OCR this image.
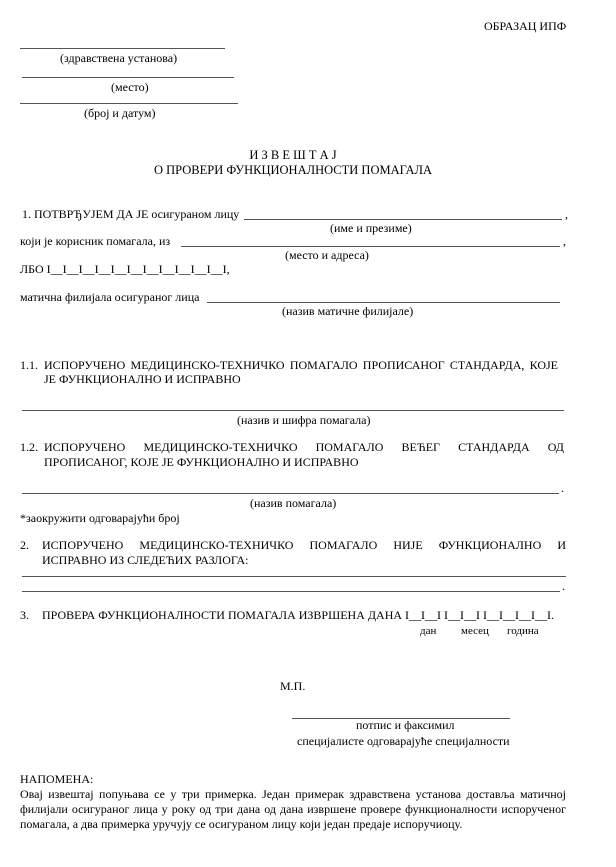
ОБРАЗАЦ ИПФ
(здравствена установа)
(место)
(број и датум)
И З В Е Ш Т А Ј
О ПРОВЕРИ ФУНКЦИОНАЛНОСТИ ПОМАГАЛА
1. ПОТВРЂУЈЕМ ДА ЈЕ осигураном лицу	,
(име и презиме)
који је корисник помагала, из	,
(место и адреса)
ЛБО I__I__I__I__I__I__I__I__I__I__I__I,
матична филијала осигураног лица
(назив матичне филијале)
1.1. ИСПОРУЧЕНО МЕДИЦИНСКО-ТЕХНИЧКО ПОМАГАЛО ПРОПИСАНОГ СТАНДАРДА, КОЈЕ
ЈЕ ФУНКЦИОНАЛНО И ИСПРАВНО
(назив и шифра помагала)
1.2. ИСПОРУЧЕНО МЕДИЦИНСКО-ТЕХНИЧКО ПОМАГАЛО ВЕЋЕГ СТАНДАРДА ОД
ПРОПИСАНОГ, КОЈЕ ЈЕ ФУНКЦИОНАЛНО И ИСПРАВНО
.
(назив помагала)
*заокружити одговарајући број
2. ИСПОРУЧЕНО МЕДИЦИНСКО-ТЕХНИЧКО ПОМАГАЛО НИЈЕ ФУНКЦИОНАЛНО И
ИСПРАВНО ИЗ СЛЕДЕЋИХ РАЗЛОГА:
.
3. ПРОВЕРА ФУНКЦИОНАЛНОСТИ ПОМАГАЛА ИЗВРШЕНА ДАНА I__I__I I__I__I I__I__I__I__I.
дан месец година
М.П.
потпис и факсимил
специјалисте одговарајуће специјалности
НАПОМЕНА:
Овај извештај попуњава се у три примерка. Један примерак здравствена установа доставља матичној
филијали осигураног лица у року од три дана од дана извршене провере функционалности испорученог
помагала, а два примерка уручују се осигураном лицу који један предаје испоручиоцу.
